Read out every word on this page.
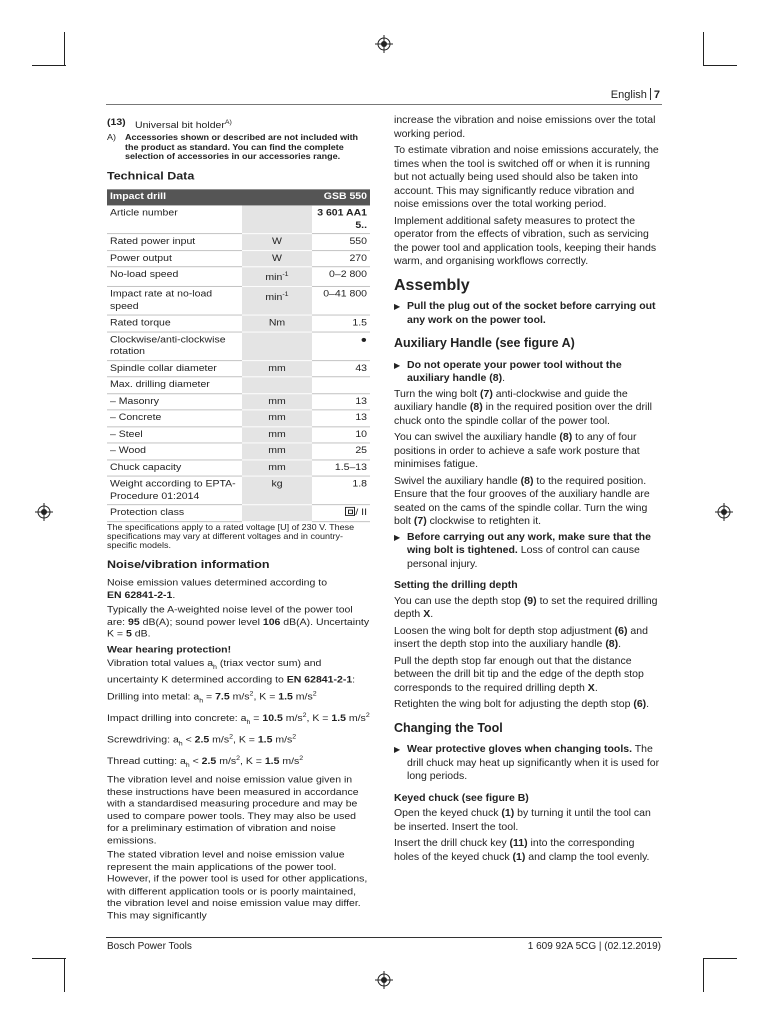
English 7
(13) Universal bit holder$^{A)}$
A)	Accessories shown or described are not included with the product as standard. You can find the complete selection of accessories in our accessories range.
Technical Data
Impact drill		GSB 550
Article number		3 601 AA1 5..
Rated power input	W	550
Power output	W	270
No-load speed	$\min^{-1}$	0–2 800
Impact rate at no-load speed	$\min^{-1}$	0–41 800
Rated torque	Nm	1.5
Clockwise/anti-clockwise rotation		●
Spindle collar diameter	mm	43
Max. drilling diameter		
– Masonry	mm	13
– Concrete	mm	13
– Steel	mm	10
– Wood	mm	25
Chuck capacity	mm	1.5–13
Weight according to EPTA-Procedure 01:2014	kg	1.8
Protection class		/ II
The specifications apply to a rated voltage [U] of 230 V. These specifications may vary at different voltages and in country-specific models.
Noise/vibration information

Noise emission values determined according to
EN 62841-2-1.

Typically the A-weighted noise level of the power tool are: 95 dB(A); sound power level 106 dB(A). Uncertainty K = 5 dB.

Wear hearing protection!

Vibration total values $a_h$ (triax vector sum) and uncertainty K determined according to EN 62841-2-1:

Drilling into metal: $a_h = 7.5$ $m/s^2$, K = 1.5 $m/s^2$

Impact drilling into concrete: $a_h = 10.5$ $m/s^2$, K = 1.5 $m/s^2$

Screwdriving: $a_h < 2.5$ $m/s^2$, K = 1.5 $m/s^2$

Thread cutting: $a_h < 2.5$ $m/s^2$, K = 1.5 $m/s^2$

The vibration level and noise emission value given in these instructions have been measured in accordance with a standardised measuring procedure and may be used to compare power tools. They may also be used for a preliminary estimation of vibration and noise emissions.

The stated vibration level and noise emission value represent the main applications of the power tool. However, if the power tool is used for other applications, with different application tools or is poorly maintained, the vibration level and noise emission value may differ. This may significantly

increase the vibration and noise emissions over the total working period.

To estimate vibration and noise emissions accurately, the times when the tool is switched off or when it is running but not actually being used should also be taken into account. This may significantly reduce vibration and noise emissions over the total working period.

Implement additional safety measures to protect the operator from the effects of vibration, such as servicing the power tool and application tools, keeping their hands warm, and organising workflows correctly.

Assembly
▶ Pull the plug out of the socket before carrying out any work on the power tool.
Auxiliary Handle (see figure A)
▶ Do not operate your power tool without the auxiliary handle (8).

Turn the wing bolt (7) anti-clockwise and guide the auxiliary handle (8) in the required position over the drill chuck onto the spindle collar of the power tool.

You can swivel the auxiliary handle (8) to any of four positions in order to achieve a safe work posture that minimises fatigue.

Swivel the auxiliary handle (8) to the required position. Ensure that the four grooves of the auxiliary handle are seated on the cams of the spindle collar. Turn the wing bolt (7) clockwise to retighten it.

▶ Before carrying out any work, make sure that the wing bolt is tightened. Loss of control can cause personal injury.
Setting the drilling depth

You can use the depth stop (9) to set the required drilling depth X.

Loosen the wing bolt for depth stop adjustment (6) and insert the depth stop into the auxiliary handle (8).

Pull the depth stop far enough out that the distance between the drill bit tip and the edge of the depth stop corresponds to the required drilling depth X.

Retighten the wing bolt for adjusting the depth stop (6).

Changing the Tool
▶ Wear protective gloves when changing tools. The drill chuck may heat up significantly when it is used for long periods.
Keyed chuck (see figure B)

Open the keyed chuck (1) by turning it until the tool can be inserted. Insert the tool.

Insert the drill chuck key (11) into the corresponding holes of the keyed chuck (1) and clamp the tool evenly.

Bosch Power Tools	1 609 92A 5CG | (02.12.2019)
